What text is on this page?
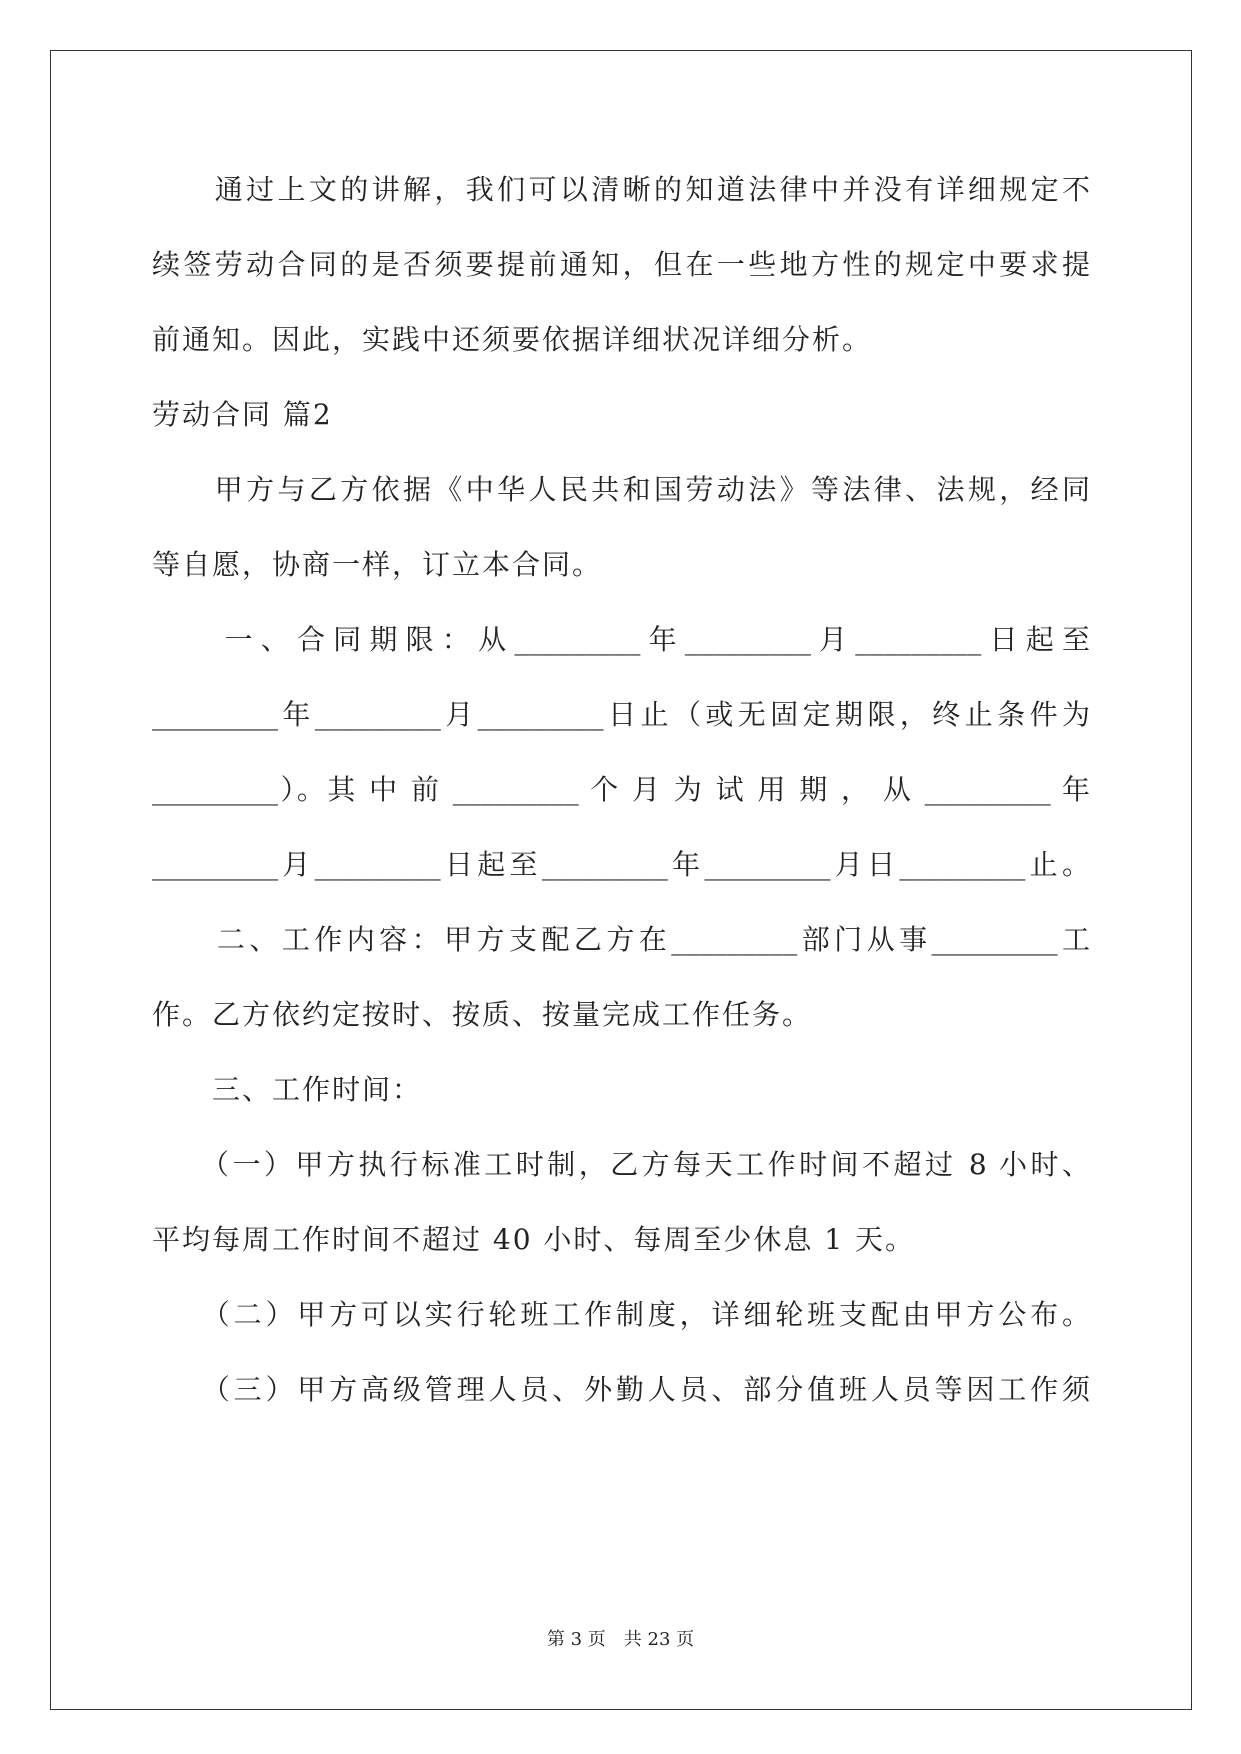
　　通过上文的讲解，我们可以清晰的知道法律中并没有详细规定不
续签劳动合同的是否须要提前通知，但在一些地方性的规定中要求提
前通知。因此，实践中还须要依据详细状况详细分析。
劳动合同 篇2
　　甲方与乙方依据《中华人民共和国劳动法》等法律、法规，经同
等自愿，协商一样，订立本合同。
　　一、合同期限：从_________年_________月_________日起至
_________年_________月_________日止（或无固定期限，终止条件为
_________）。其 中 前 _________ 个 月 为 试 用 期 ， 从 _________ 年
_________月_________日起至_________年_________月日_________止。
　　二、工作内容：甲方支配乙方在_________部门从事_________工
作。乙方依约定按时、按质、按量完成工作任务。
　　三、工作时间：
　　（一）甲方执行标准工时制，乙方每天工作时间不超过 8 小时、
平均每周工作时间不超过 40 小时、每周至少休息 1 天。
　　（二）甲方可以实行轮班工作制度，详细轮班支配由甲方公布。
　　（三）甲方高级管理人员、外勤人员、部分值班人员等因工作须
第 3 页　共 23 页
